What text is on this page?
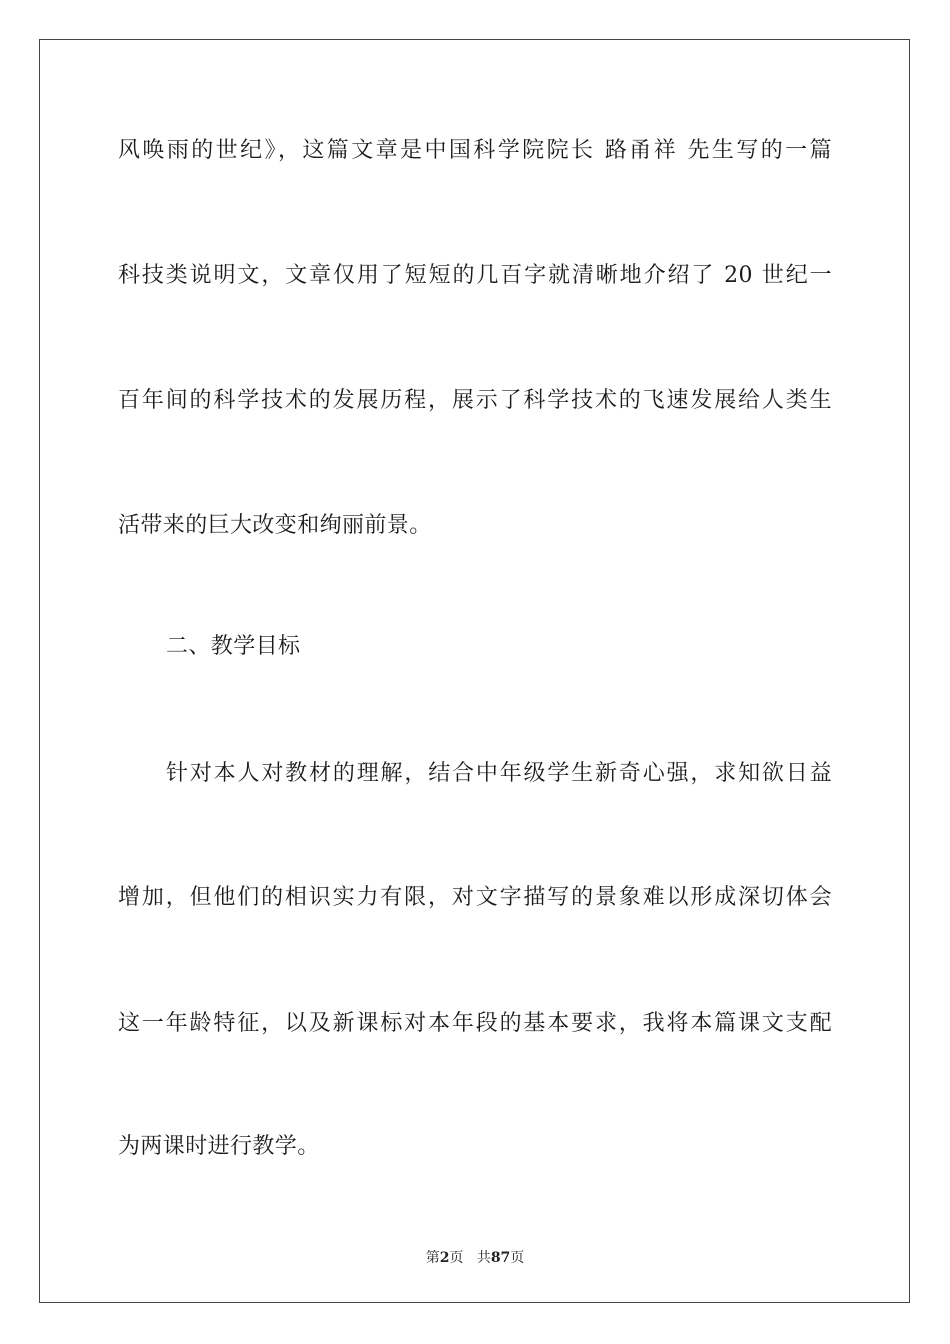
风唤雨的世纪》，这篇文章是中国科学院院长 路甬祥 先生写的一篇
科技类说明文，文章仅用了短短的几百字就清晰地介绍了 20 世纪一
百年间的科学技术的发展历程，展示了科学技术的飞速发展给人类生
活带来的巨大改变和绚丽前景。
二、教学目标
针对本人对教材的理解，结合中年级学生新奇心强，求知欲日益
增加，但他们的相识实力有限，对文字描写的景象难以形成深切体会
这一年龄特征，以及新课标对本年段的基本要求，我将本篇课文支配
为两课时进行教学。
第2页 共87页
